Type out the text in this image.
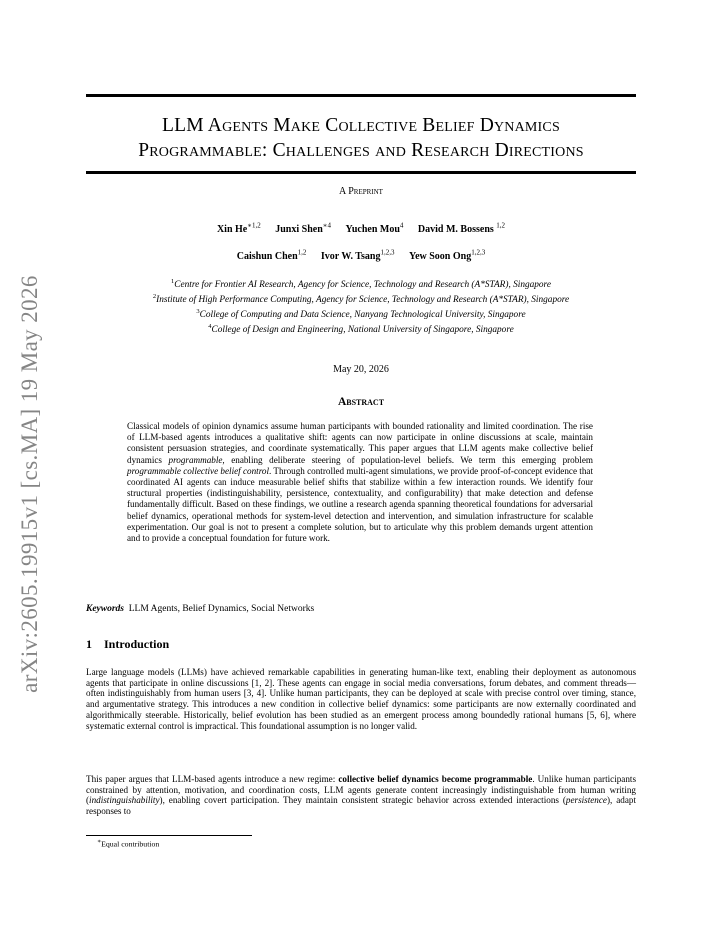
arXiv:2605.19915v1 [cs.MA] 19 May 2026
LLM Agents Make Collective Belief Dynamics
Programmable: Challenges and Research Directions
A Preprint
Xin $He^{∗1,2}$ Junxi Shen$^{∗4}$ Yuchen Mou$^4$ David M. Bossens $^{1,2}$
Caishun Chen$^{1,2}$ Ivor W. Tsang$^{1,2,3}$ Yew Soon Ong$^{1,2,3}$
$^1$Centre for Frontier AI Research, Agency for Science, Technology and Research (A*STAR), Singapore
$^2$Institute of High Performance Computing, Agency for Science, Technology and Research (A*STAR), Singapore
$^3$College of Computing and Data Science, Nanyang Technological University, Singapore
$^4$College of Design and Engineering, National University of Singapore, Singapore
May 20, 2026
Abstract
Classical models of opinion dynamics assume human participants with bounded rationality and limited coordination. The rise of LLM-based agents introduces a qualitative shift: agents can now participate in online discussions at scale, maintain consistent persuasion strategies, and coordinate systematically. This paper argues that LLM agents make collective belief dynamics programmable, enabling deliberate steering of population-level beliefs. We term this emerging problem programmable collective belief control. Through controlled multi-agent simulations, we provide proof-of-concept evidence that coordinated AI agents can induce measurable belief shifts that stabilize within a few interaction rounds. We identify four structural properties (indistinguishability, persistence, contextuality, and configurability) that make detection and defense fundamentally difficult. Based on these findings, we outline a research agenda spanning theoretical foundations for adversarial belief dynamics, operational methods for system-level detection and intervention, and simulation infrastructure for scalable experimentation. Our goal is not to present a complete solution, but to articulate why this problem demands urgent attention and to provide a conceptual foundation for future work.
Keywords LLM Agents, Belief Dynamics, Social Networks
1 Introduction
Large language models (LLMs) have achieved remarkable capabilities in generating human-like text, enabling their deployment as autonomous agents that participate in online discussions [1, 2]. These agents can engage in social media conversations, forum debates, and comment threads—often indistinguishably from human users [3, 4]. Unlike human participants, they can be deployed at scale with precise control over timing, stance, and argumentative strategy. This introduces a new condition in collective belief dynamics: some participants are now externally coordinated and algorithmically steerable. Historically, belief evolution has been studied as an emergent process among boundedly rational humans [5, 6], where systematic external control is impractical. This foundational assumption is no longer valid.
This paper argues that LLM-based agents introduce a new regime: collective belief dynamics become programmable. Unlike human participants constrained by attention, motivation, and coordination costs, LLM agents generate content increasingly indistinguishable from human writing (indistinguishability), enabling covert participation. They maintain consistent strategic behavior across extended interactions (persistence), adapt responses to
∗Equal contribution
